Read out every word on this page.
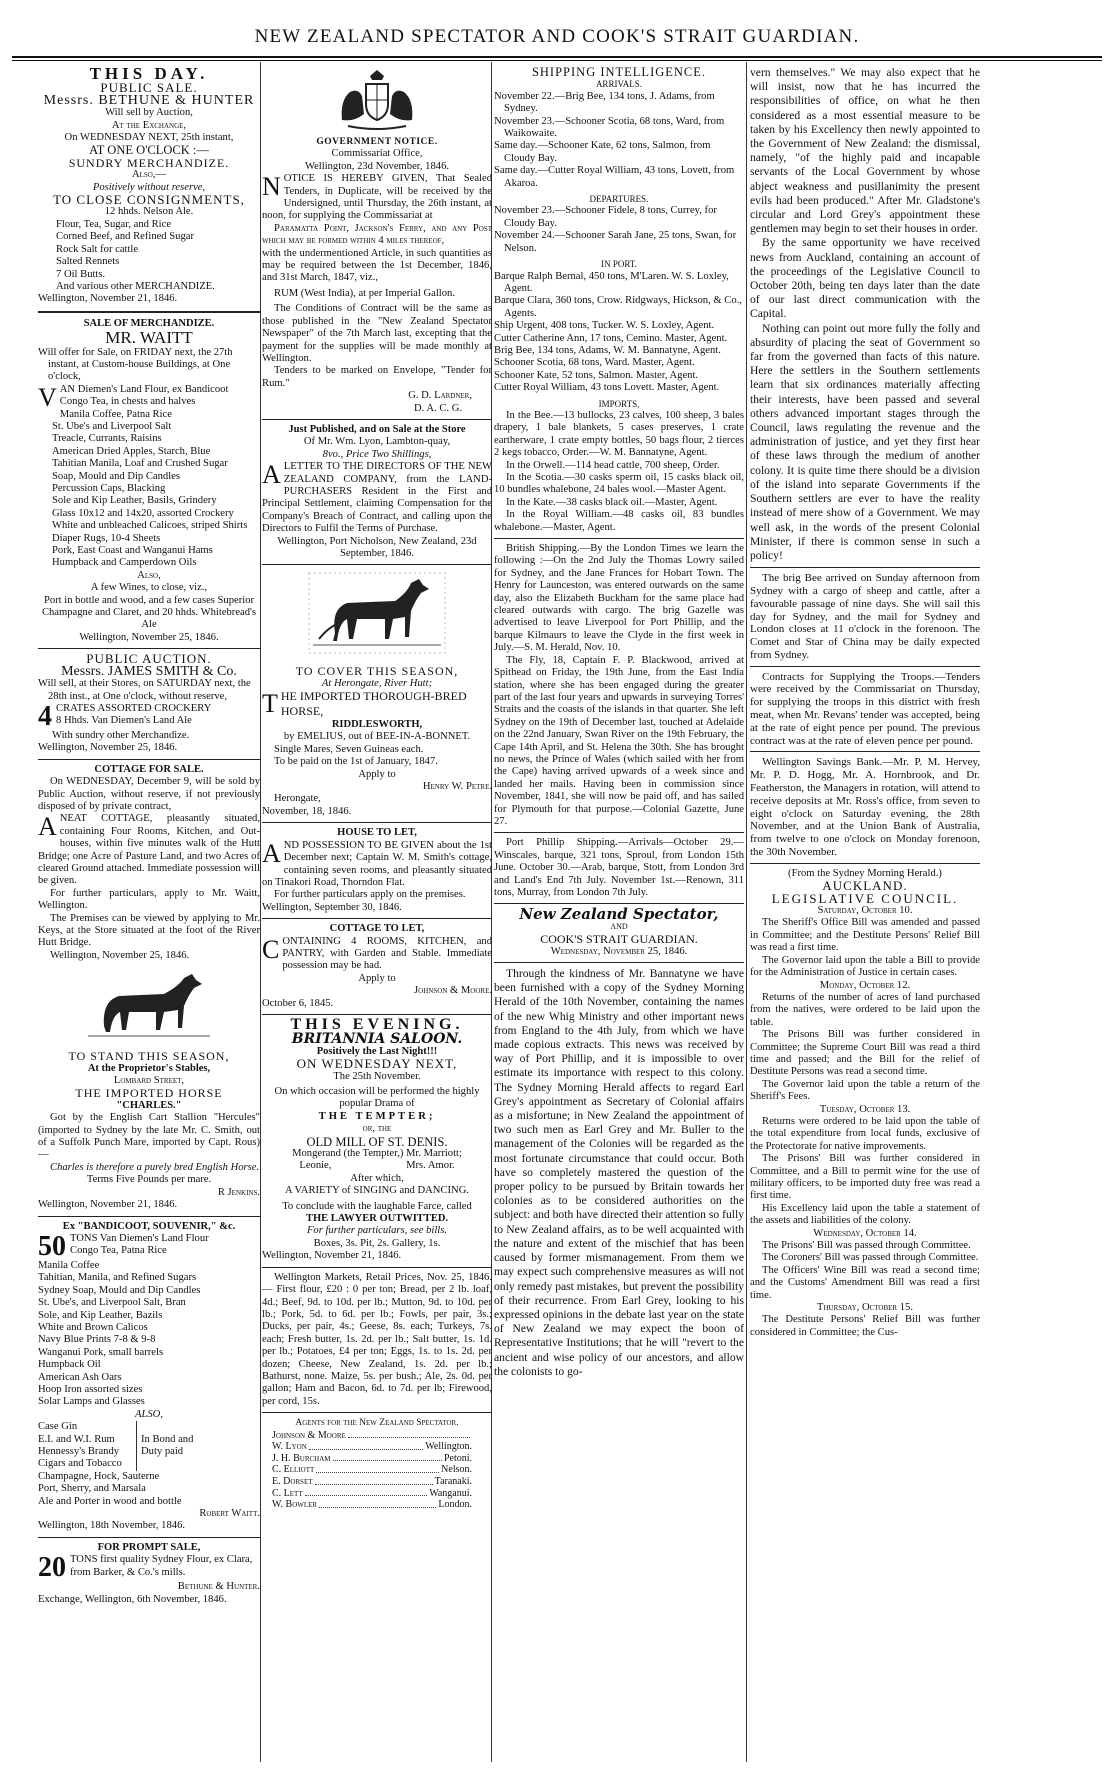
NEW ZEALAND SPECTATOR AND COOK'S STRAIT GUARDIAN.
THIS DAY.

PUBLIC SALE.

Messrs. BETHUNE & HUNTER

Will sell by Auction,

At the Exchange,

On WEDNESDAY NEXT, 25th instant,

AT ONE O'CLOCK :—

SUNDRY MERCHANDIZE.

Also,—

Positively without reserve,

TO CLOSE CONSIGNMENTS,

12 hhds. Nelson Ale.

Flour, Tea, Sugar, and Rice

Corned Beef, and Refined Sugar

Rock Salt for cattle

Salted Rennets

7 Oil Butts.

And various other MERCHANDIZE.

Wellington, November 21, 1846.

SALE OF MERCHANDIZE.

MR. WAITT

Will offer for Sale, on FRIDAY next, the 27th instant, at Custom-house Buildings, at One o'clock,

VAN Diemen's Land Flour, ex Bandicoot

Congo Tea, in chests and halves

Manila Coffee, Patna Rice

St. Ube's and Liverpool Salt

Treacle, Currants, Raisins

American Dried Apples, Starch, Blue

Tahitian Manila, Loaf and Crushed Sugar

Soap, Mould and Dip Candles

Percussion Caps, Blacking

Sole and Kip Leather, Basils, Grindery

Glass 10x12 and 14x20, assorted Crockery

White and unbleached Calicoes, striped Shirts

Diaper Rugs, 10-4 Sheets

Pork, East Coast and Wanganui Hams

Humpback and Camperdown Oils

Also,

A few Wines, to close, viz.,

Port in bottle and wood, and a few cases Superior Champagne and Claret, and 20 hhds. Whitebread's Ale

Wellington, November 25, 1846.

PUBLIC AUCTION.

Messrs. JAMES SMITH & Co.

Will sell, at their Stores, on SATURDAY next, the 28th inst., at One o'clock, without reserve,

4 CRATES ASSORTED CROCKERY
8 Hhds. Van Diemen's Land Ale

With sundry other Merchandize.

Wellington, November 25, 1846.

COTTAGE FOR SALE.

On WEDNESDAY, December 9, will be sold by Public Auction, without reserve, if not previously disposed of by private contract,

ANEAT COTTAGE, pleasantly situated, containing Four Rooms, Kitchen, and Out-houses, within five minutes walk of the Hutt Bridge; one Acre of Pasture Land, and two Acres of cleared Ground attached. Immediate possession will be given.

For further particulars, apply to Mr. Waitt, Wellington.

The Premises can be viewed by applying to Mr. Keys, at the Store situated at the foot of the River Hutt Bridge.

Wellington, November 25, 1846.

TO STAND THIS SEASON,

At the Proprietor's Stables,

Lombard Street,

THE IMPORTED HORSE

"CHARLES."

Got by the English Cart Stallion "Hercules" (imported to Sydney by the late Mr. C. Smith, out of a Suffolk Punch Mare, imported by Capt. Rous)—

Charles is therefore a purely bred English Horse.

Terms Five Pounds per mare.

R Jenkins.

Wellington, November 21, 1846.

Ex "BANDICOOT, SOUVENIR," &c.

50 TONS Van Diemen's Land Flour

Congo Tea, Patna Rice

Manila Coffee

Tahitian, Manila, and Refined Sugars

Sydney Soap, Mould and Dip Candles

St. Ube's, and Liverpool Salt, Bran

Sole, and Kip Leather, Bazils

White and Brown Calicos

Navy Blue Prints 7-8 & 9-8

Wanganui Pork, small barrels

Humpback Oil

American Ash Oars

Hoop Iron assorted sizes

Solar Lamps and Glasses

ALSO,

Case Gin

E.I. and W.I. Rum

Hennessy's Brandy

Cigars and Tobacco

In Bond and

Duty paid

Champagne, Hock, Sauterne

Port, Sherry, and Marsala

Ale and Porter in wood and bottle

Robert Waitt.

Wellington, 18th November, 1846.

FOR PROMPT SALE,

20 TONS first quality Sydney Flour, ex Clara, from Barker, & Co.'s mills.

Bethune & Hunter.

Exchange, Wellington, 6th November, 1846.

GOVERNMENT NOTICE.

Commissariat Office,

Wellington, 23d November, 1846.

NOTICE IS HEREBY GIVEN, That Sealed Tenders, in Duplicate, will be received by the Undersigned, until Thursday, the 26th instant, at noon, for supplying the Commissariat at

Paramatta Point, Jackson's Ferry, and any Post which may be formed within 4 miles thereof,

with the undermentioned Article, in such quantities as may be required between the 1st December, 1846, and 31st March, 1847, viz.,

RUM (West India), at per Imperial Gallon.

The Conditions of Contract will be the same as those published in the "New Zealand Spectator Newspaper" of the 7th March last, excepting that the payment for the supplies will be made monthly at Wellington.

Tenders to be marked on Envelope, "Tender for Rum."

G. D. Lardner,

D. A. C. G.

Just Published, and on Sale at the Store

Of Mr. Wm. Lyon, Lambton-quay,

8vo., Price Two Shillings,

ALETTER TO THE DIRECTORS OF THE NEW ZEALAND COMPANY, from the LAND-PURCHASERS Resident in the First and Principal Settlement, claiming Compensation for the Company's Breach of Contract, and calling upon the Directors to Fulfil the Terms of Purchase.

Wellington, Port Nicholson, New Zealand, 23d September, 1846.

TO COVER THIS SEASON,

At Herongate, River Hutt;

THE IMPORTED THOROUGH-BRED HORSE,

RIDDLESWORTH,

by EMELIUS, out of BEE-IN-A-BONNET.

Single Mares, Seven Guineas each.

To be paid on the 1st of January, 1847.

Apply to

Henry W. Petre.

Herongate,

November, 18, 1846.

HOUSE TO LET,

AND POSSESSION TO BE GIVEN about the 1st December next; Captain W. M. Smith's cottage, containing seven rooms, and pleasantly situated on Tinakori Road, Thorndon Flat.

For further particulars apply on the premises.

Wellington, September 30, 1846.

COTTAGE TO LET,

CONTAINING 4 ROOMS, KITCHEN, and PANTRY, with Garden and Stable. Immediate possession may be had.

Apply to

Johnson & Moore.

October 6, 1845.

THIS EVENING.

BRITANNIA SALOON.

Positively the Last Night!!!

ON WEDNESDAY NEXT,

The 25th November.

On which occasion will be performed the highly popular Drama of

THE TEMPTER;

or, the

OLD MILL OF ST. DENIS.

Mongerand (the Tempter,) Mr. Marriott;

Leonie,	Mrs. Amor.

After which,

A VARIETY of SINGING and DANCING.

To conclude with the laughable Farce, called

THE LAWYER OUTWITTED.

For further particulars, see bills.

Boxes, 3s. Pit, 2s. Gallery, 1s.

Wellington, November 21, 1846.

Wellington Markets, Retail Prices, Nov. 25, 1846. — First flour, £20 : 0 per ton; Bread, per 2 lb. loaf, 4d.; Beef, 9d. to 10d. per lb.; Mutton, 9d. to 10d. per lb.; Pork, 5d. to 6d. per lb.; Fowls, per pair, 3s.; Ducks, per pair, 4s.; Geese, 8s. each; Turkeys, 7s. each; Fresh butter, 1s. 2d. per lb.; Salt butter, 1s. 1d. per lb.; Potatoes, £4 per ton; Eggs, 1s. to 1s. 2d. per dozen; Cheese, New Zealand, 1s. 2d. per lb.; Bathurst, none. Maize, 5s. per bush.; Ale, 2s. 0d. per gallon; Ham and Bacon, 6d. to 7d. per lb; Firewood, per cord, 15s.

Agents for the New Zealand Spectator.

Johnson & Moore
W. Lyon	Wellington.
J. H. Burcham	Petoni.
C. Elliott	Nelson.
E. Dorset	Taranaki.
C. Lett	Wanganui.
W. Bowler	London.

SHIPPING INTELLIGENCE.

ARRIVALS.

November 22.—Brig Bee, 134 tons, J. Adams, from Sydney.

November 23.—Schooner Scotia, 68 tons, Ward, from Waikowaite.

Same day.—Schooner Kate, 62 tons, Salmon, from Cloudy Bay.

Same day.—Cutter Royal William, 43 tons, Lovett, from Akaroa.

DEPARTURES.

November 23.—Schooner Fidele, 8 tons, Currey, for Cloudy Bay.

November 24.—Schooner Sarah Jane, 25 tons, Swan, for Nelson.

IN PORT.

Barque Ralph Bernal, 450 tons, M'Laren. W. S. Loxley, Agent.

Barque Clara, 360 tons, Crow. Ridgways, Hickson, & Co., Agents.

Ship Urgent, 408 tons, Tucker. W. S. Loxley, Agent.

Cutter Catherine Ann, 17 tons, Cemino. Master, Agent.

Brig Bee, 134 tons, Adams, W. M. Bannatyne, Agent.

Schooner Scotia, 68 tons, Ward. Master, Agent.

Schooner Kate, 52 tons, Salmon. Master, Agent.

Cutter Royal William, 43 tons Lovett. Master, Agent.

IMPORTS,

In the Bee.—13 bullocks, 23 calves, 100 sheep, 3 bales drapery, 1 bale blankets, 5 cases preserves, 1 crate eartherware, 1 crate empty bottles, 50 bags flour, 2 tierces 2 kegs tobacco, Order.—W. M. Bannatyne, Agent.

In the Orwell.—114 head cattle, 700 sheep, Order.

In the Scotia.—30 casks sperm oil, 15 casks black oil, 10 bundles whalebone, 24 bales wool.—Master Agent.

In the Kate.—38 casks black oil.—Master, Agent.

In the Royal William.—48 casks oil, 83 bundles whalebone.—Master, Agent.

British Shipping.—By the London Times we learn the following :—On the 2nd July the Thomas Lowry sailed for Sydney, and the Jane Frances for Hobart Town. The Henry for Launceston, was entered outwards on the same day, also the Elizabeth Buckham for the same place had cleared outwards with cargo. The brig Gazelle was advertised to leave Liverpool for Port Phillip, and the barque Kilmaurs to leave the Clyde in the first week in July.—S. M. Herald, Nov. 10.

The Fly, 18, Captain F. P. Blackwood, arrived at Spithead on Friday, the 19th June, from the East India station, where she has been engaged during the greater part of the last four years and upwards in surveying Torres' Straits and the coasts of the islands in that quarter. She left Sydney on the 19th of December last, touched at Adelaide on the 22nd January, Swan River on the 19th February, the Cape 14th April, and St. Helena the 30th. She has brought no news, the Prince of Wales (which sailed with her from the Cape) having arrived upwards of a week since and landed her mails. Having been in commission since November, 1841, she will now be paid off, and has sailed for Plymouth for that purpose.—Colonial Gazette, June 27.

Port Phillip Shipping.—Arrivals—October 29.—Winscales, barque, 321 tons, Sproul, from London 15th June. October 30.—Arab, barque, Stott, from London 3rd and Land's End 7th July. November 1st.—Renown, 311 tons, Murray, from London 7th July.

New Zealand Spectator,

AND

COOK'S STRAIT GUARDIAN.

Wednesday, November 25, 1846.

Through the kindness of Mr. Bannatyne we have been furnished with a copy of the Sydney Morning Herald of the 10th November, containing the names of the new Whig Ministry and other important news from England to the 4th July, from which we have made copious extracts. This news was received by way of Port Phillip, and it is impossible to over estimate its importance with respect to this colony. The Sydney Morning Herald affects to regard Earl Grey's appointment as Secretary of Colonial affairs as a misfortune; in New Zealand the appointment of two such men as Earl Grey and Mr. Buller to the management of the Colonies will be regarded as the most fortunate circumstance that could occur. Both have so completely mastered the question of the proper policy to be pursued by Britain towards her colonies as to be considered authorities on the subject: and both have directed their attention so fully to New Zealand affairs, as to be well acquainted with the nature and extent of the mischief that has been caused by former mismanagement. From them we may expect such comprehensive measures as will not only remedy past mistakes, but prevent the possibility of their recurrence. From Earl Grey, looking to his expressed opinions in the debate last year on the state of New Zealand we may expect the boon of Representative Institutions; that he will "revert to the ancient and wise policy of our ancestors, and allow the colonists to go-

vern themselves." We may also expect that he will insist, now that he has incurred the responsibilities of office, on what he then considered as a most essential measure to be taken by his Excellency then newly appointed to the Government of New Zealand: the dismissal, namely, "of the highly paid and incapable servants of the Local Government by whose abject weakness and pusillanimity the present evils had been produced." After Mr. Gladstone's circular and Lord Grey's appointment these gentlemen may begin to set their houses in order.

By the same opportunity we have received news from Auckland, containing an account of the proceedings of the Legislative Council to October 20th, being ten days later than the date of our last direct communication with the Capital.

Nothing can point out more fully the folly and absurdity of placing the seat of Government so far from the governed than facts of this nature. Here the settlers in the Southern settlements learn that six ordinances materially affecting their interests, have been passed and several others advanced important stages through the Council, laws regulating the revenue and the administration of justice, and yet they first hear of these laws through the medium of another colony. It is quite time there should be a division of the island into separate Governments if the Southern settlers are ever to have the reality instead of mere show of a Government. We may well ask, in the words of the present Colonial Minister, if there is common sense in such a policy!

The brig Bee arrived on Sunday afternoon from Sydney with a cargo of sheep and cattle, after a favourable passage of nine days. She will sail this day for Sydney, and the mail for Sydney and London closes at 11 o'clock in the forenoon. The Comet and Star of China may be daily expected from Sydney.

Contracts for Supplying the Troops.—Tenders were received by the Commissariat on Thursday, for supplying the troops in this district with fresh meat, when Mr. Revans' tender was accepted, being at the rate of eight pence per pound. The previous contract was at the rate of eleven pence per pound.

Wellington Savings Bank.—Mr. P. M. Hervey, Mr. P. D. Hogg, Mr. A. Hornbrook, and Dr. Featherston, the Managers in rotation, will attend to receive deposits at Mr. Ross's office, from seven to eight o'clock on Saturday evening, the 28th November, and at the Union Bank of Australia, from twelve to one o'clock on Monday forenoon, the 30th November.

(From the Sydney Morning Herald.)

AUCKLAND.

LEGISLATIVE COUNCIL.

Saturday, October 10.

The Sheriff's Office Bill was amended and passed in Committee; and the Destitute Persons' Relief Bill was read a first time.

The Governor laid upon the table a Bill to provide for the Administration of Justice in certain cases.

Monday, October 12.

Returns of the number of acres of land purchased from the natives, were ordered to be laid upon the table.

The Prisons Bill was further considered in Committee; the Supreme Court Bill was read a third time and passed; and the Bill for the relief of Destitute Persons was read a second time.

The Governor laid upon the table a return of the Sheriff's Fees.

Tuesday, October 13.

Returns were ordered to be laid upon the table of the total expenditure from local funds, exclusive of the Protectorate for native improvements.

The Prisons' Bill was further considered in Committee, and a Bill to permit wine for the use of military officers, to be imported duty free was read a first time.

His Excellency laid upon the table a statement of the assets and liabilities of the colony.

Wednesday, October 14.

The Prisons' Bill was passed through Committee.

The Coroners' Bill was passed through Committee.

The Officers' Wine Bill was read a second time; and the Customs' Amendment Bill was read a first time.

Thursday, October 15.

The Destitute Persons' Relief Bill was further considered in Committee; the Cus-
